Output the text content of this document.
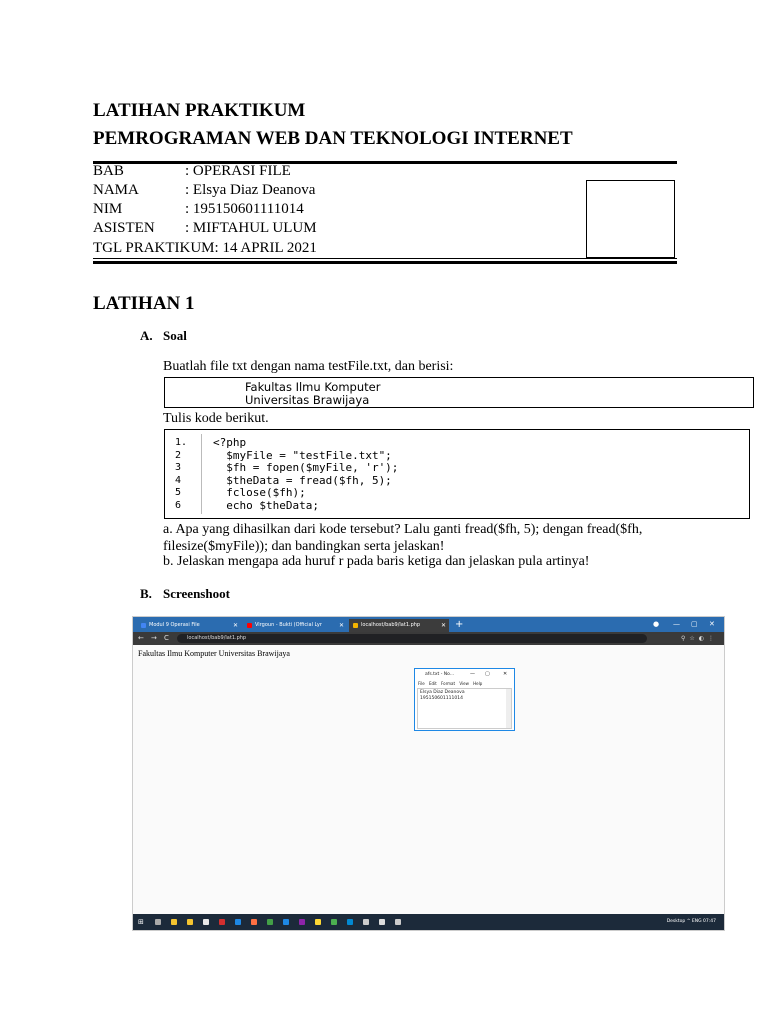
LATIHAN PRAKTIKUM
PEMROGRAMAN WEB DAN TEKNOLOGI INTERNET
BAB	: OPERASI FILE
NAMA	: Elsya Diaz Deanova
NIM	: 195150601111014
ASISTEN : MIFTAHUL ULUM
TGL PRAKTIKUM: 14 APRIL 2021
LATIHAN 1
A. Soal
Buatlah file txt dengan nama testFile.txt, dan berisi:
Fakultas Ilmu Komputer
Universitas Brawijaya
Tulis kode berikut.
1.
2
3
4
5
6
<?php
$myFile = "testFile.txt";
$fh = fopen($myFile, 'r');
$theData = fread($fh, 5);
fclose($fh);
echo $theData;
a. Apa yang dihasilkan dari kode tersebut? Lalu ganti fread($fh, 5); dengan fread($fh,
filesize($myFile)); dan bandingkan serta jelaskan!
b. Jelaskan mengapa ada huruf r pada baris ketiga dan jelaskan pula artinya!
B. Screenshoot
Modul 9 Operasi File	✕	Virgoun - Bukti (Official Lyr	✕	localhost/bab9/lat1.php	✕ +	● — ▢ ✕
← → C	localhost/bab9/lat1.php	⚲☆◐⋮
Fakultas Ilmu Komputer Universitas Brawijaya
afs.txt - No...	— ▢	✕
File Edit Format View Help
Elsya Diaz Deanova
195150601111014
⊞	Desktop ^ ENG 07:47
